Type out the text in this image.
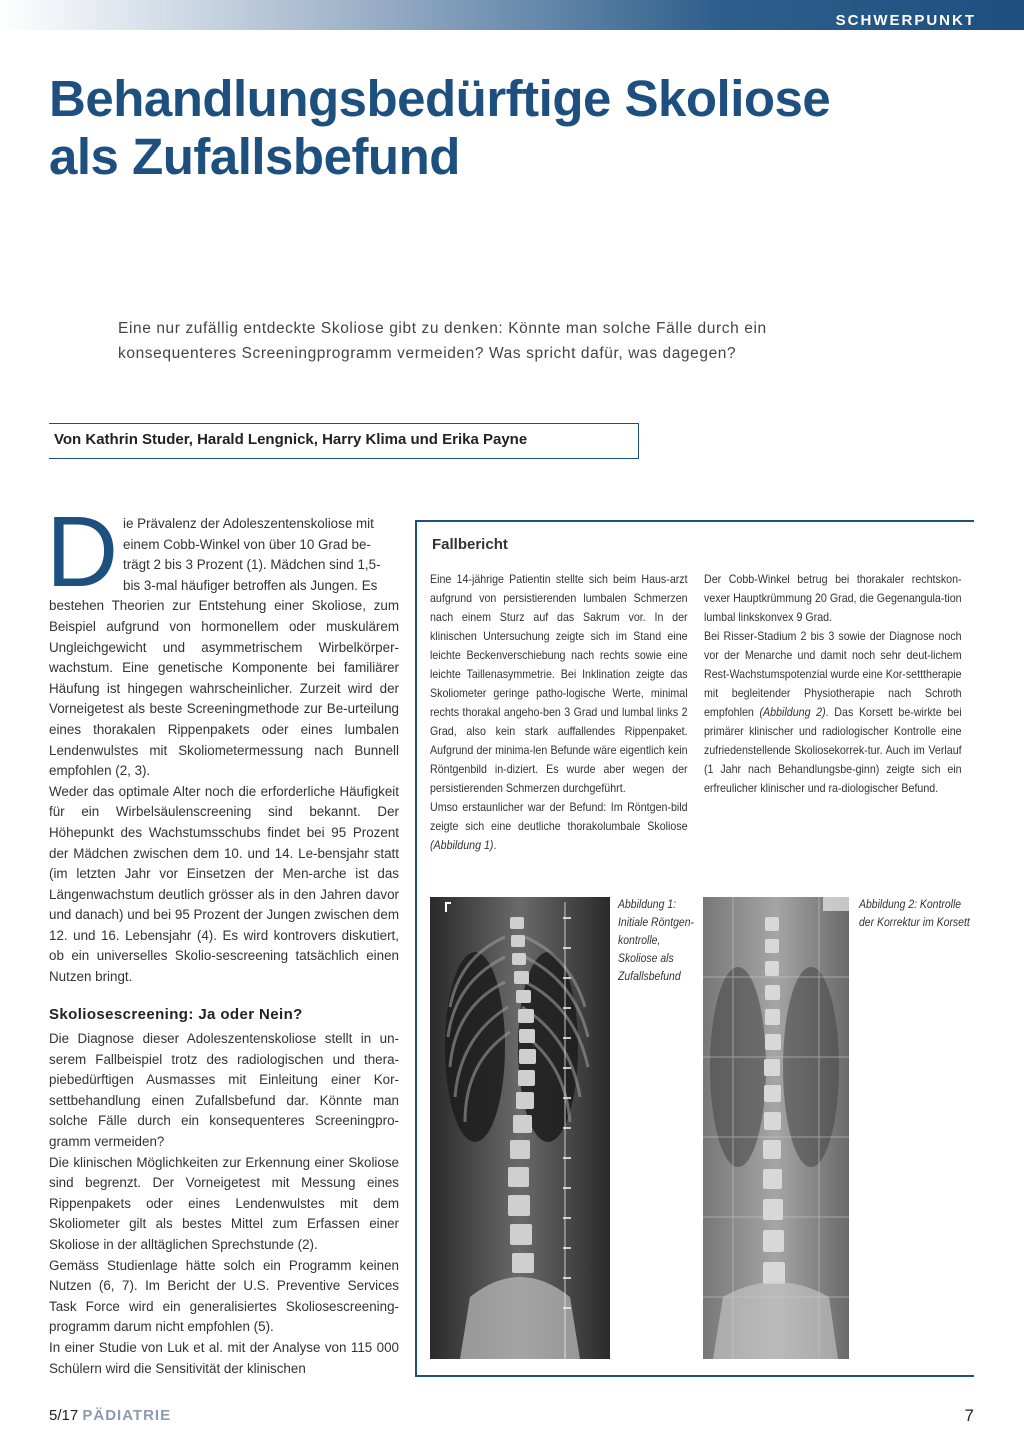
SCHWERPUNKT
Behandlungsbedürftige Skoliose
als Zufallsbefund
Eine nur zufällig entdeckte Skoliose gibt zu denken: Könnte man solche Fälle durch ein
konsequenteres Screeningprogramm vermeiden? Was spricht dafür, was dagegen?
Von Kathrin Studer, Harald Lengnick, Harry Klima und Erika Payne
D ie Prävalenz der Adoleszentenskoliose mit
einem Cobb-Winkel von über 10 Grad be-
trägt 2 bis 3 Prozent (1). Mädchen sind 1,5-
bis 3-mal häufiger betroffen als Jungen. Es

bestehen Theorien zur Entstehung einer Skoliose, zum Beispiel aufgrund von hormonellem oder muskulärem Ungleichgewicht und asymmetrischem Wirbelkörper-wachstum. Eine genetische Komponente bei familiärer Häufung ist hingegen wahrscheinlicher. Zurzeit wird der Vorneigetest als beste Screeningmethode zur Be-urteilung eines thorakalen Rippenpakets oder eines lumbalen Lendenwulstes mit Skoliometermessung nach Bunnell empfohlen (2, 3).

Weder das optimale Alter noch die erforderliche Häufigkeit für ein Wirbelsäulenscreening sind bekannt. Der Höhepunkt des Wachstumsschubs findet bei 95 Prozent der Mädchen zwischen dem 10. und 14. Le-bensjahr statt (im letzten Jahr vor Einsetzen der Men-arche ist das Längenwachstum deutlich grösser als in den Jahren davor und danach) und bei 95 Prozent der Jungen zwischen dem 12. und 16. Lebensjahr (4). Es wird kontrovers diskutiert, ob ein universelles Skolio-sescreening tatsächlich einen Nutzen bringt.

Skoliosescreening: Ja oder Nein?

Die Diagnose dieser Adoleszentenskoliose stellt in un-serem Fallbeispiel trotz des radiologischen und thera-piebedürftigen Ausmasses mit Einleitung einer Kor-settbehandlung einen Zufallsbefund dar. Könnte man solche Fälle durch ein konsequenteres Screeningpro-gramm vermeiden?

Die klinischen Möglichkeiten zur Erkennung einer Skoliose sind begrenzt. Der Vorneigetest mit Messung eines Rippenpakets oder eines Lendenwulstes mit dem Skoliometer gilt als bestes Mittel zum Erfassen einer Skoliose in der alltäglichen Sprechstunde (2).

Gemäss Studienlage hätte solch ein Programm keinen Nutzen (6, 7). Im Bericht der U.S. Preventive Services Task Force wird ein generalisiertes Skoliosescreening-programm darum nicht empfohlen (5).

In einer Studie von Luk et al. mit der Analyse von 115 000 Schülern wird die Sensitivität der klinischen

Fallbericht

Eine 14-jährige Patientin stellte sich beim Haus-arzt aufgrund von persistierenden lumbalen Schmerzen nach einem Sturz auf das Sakrum vor. In der klinischen Untersuchung zeigte sich im Stand eine leichte Beckenverschiebung nach rechts sowie eine leichte Taillenasymmetrie. Bei Inklination zeigte das Skoliometer geringe patho-logische Werte, minimal rechts thorakal angeho-ben 3 Grad und lumbal links 2 Grad, also kein stark auffallendes Rippenpaket. Aufgrund der minima-len Befunde wäre eigentlich kein Röntgenbild in-diziert. Es wurde aber wegen der persistierenden Schmerzen durchgeführt.

Umso erstaunlicher war der Befund: Im Röntgen-bild zeigte sich eine deutliche thorakolumbale Skoliose (Abbildung 1).

Der Cobb-Winkel betrug bei thorakaler rechtskon-vexer Hauptkrümmung 20 Grad, die Gegenangula-tion lumbal linkskonvex 9 Grad.

Bei Risser-Stadium 2 bis 3 sowie der Diagnose noch vor der Menarche und damit noch sehr deut-lichem Rest-Wachstumspotenzial wurde eine Kor-setttherapie mit begleitender Physiotherapie nach Schroth empfohlen (Abbildung 2). Das Korsett be-wirkte bei primärer klinischer und radiologischer Kontrolle eine zufriedenstellende Skoliosekorrek-tur. Auch im Verlauf (1 Jahr nach Behandlungsbe-ginn) zeigte sich ein erfreulicher klinischer und ra-diologischer Befund.

Abbildung 1: Initiale Röntgen-kontrolle, Skoliose als Zufallsbefund
Abbildung 2: Kontrolle der Korrektur im Korsett
5/17 PÄDIATRIE	7
